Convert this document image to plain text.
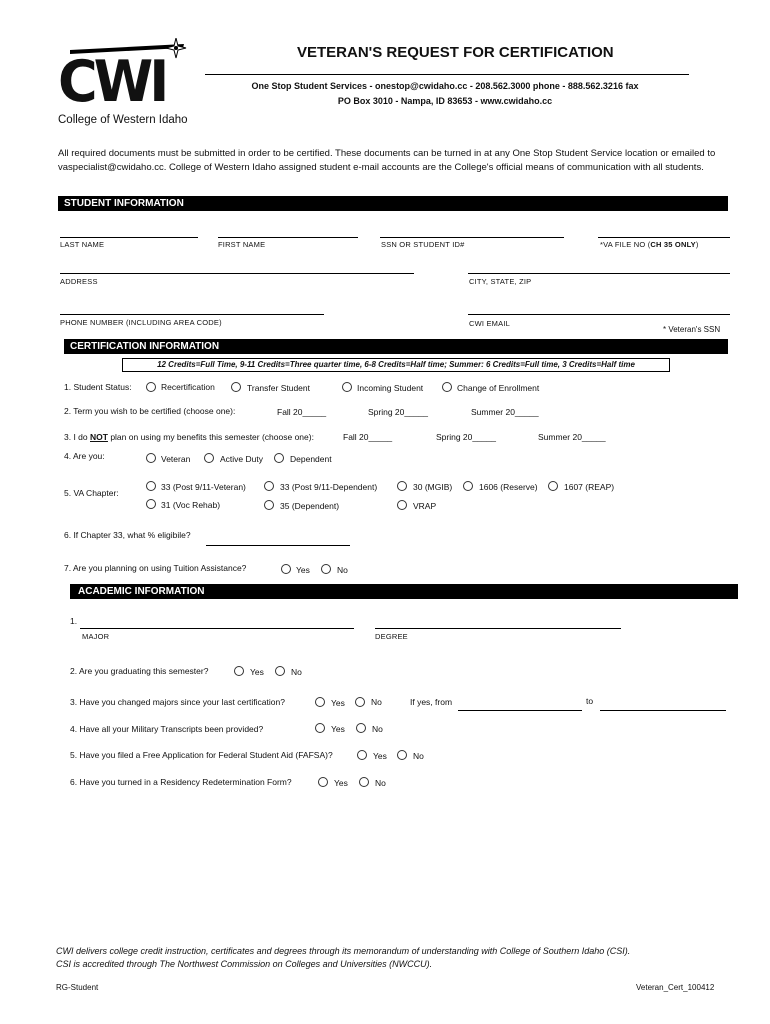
CWI
College of Western Idaho
VETERAN'S REQUEST FOR CERTIFICATION
One Stop Student Services - onestop@cwidaho.cc - 208.562.3000 phone - 888.562.3216 fax
PO Box 3010 - Nampa, ID 83653 - www.cwidaho.cc
All required documents must be submitted in order to be certified. These documents can be turned in at any One Stop Student Service location or emailed to vaspecialist@cwidaho.cc. College of Western Idaho assigned student e-mail accounts are the College's official means of communication with all students.
STUDENT INFORMATION
LAST NAME	FIRST NAME	SSN OR STUDENT ID#	*VA FILE NO (CH 35 ONLY)
ADDRESS	CITY, STATE, ZIP
PHONE NUMBER (INCLUDING AREA CODE)	CWI EMAIL
* Veteran's SSN
CERTIFICATION INFORMATION
12 Credits=Full Time, 9-11 Credits=Three quarter time, 6-8 Credits=Half time; Summer: 6 Credits=Full time, 3 Credits=Half time
1. Student Status:	Recertification	Transfer Student	Incoming Student	Change of Enrollment
2. Term you wish to be certified (choose one):	Fall 20_____	Spring 20_____	Summer 20_____
3. I do NOT plan on using my benefits this semester (choose one):	Fall 20_____	Spring 20_____	Summer 20_____
4. Are you:	Veteran	Active Duty	Dependent
5. VA Chapter:
33 (Post 9/11-Veteran)	33 (Post 9/11-Dependent)	30 (MGIB)	1606 (Reserve)	1607 (REAP)
31 (Voc Rehab)	35 (Dependent)	VRAP
6. If Chapter 33, what % eligibile?
7. Are you planning on using Tuition Assistance?	Yes	No
ACADEMIC INFORMATION
1.
MAJOR	DEGREE
2. Are you graduating this semester?	Yes	No
3. Have you changed majors since your last certification?	Yes	No	If yes, from	to
4. Have all your Military Transcripts been provided?	Yes	No
5. Have you filed a Free Application for Federal Student Aid (FAFSA)?	Yes	No
6. Have you turned in a Residency Redetermination Form?	Yes	No
CWI delivers college credit instruction, certificates and degrees through its memorandum of understanding with College of Southern Idaho (CSI).
CSI is accredited through The Northwest Commission on Colleges and Universities (NWCCU).
RG-Student	Veteran_Cert_100412
